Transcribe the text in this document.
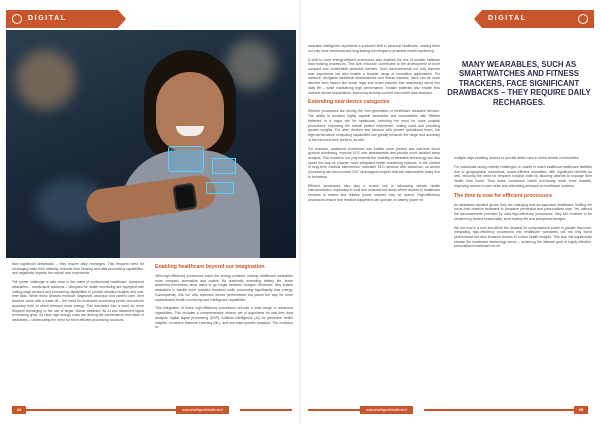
DIGITAL	DIGITAL DIAGNOSTICS

face significant drawbacks – they require daily recharges. This frequent need for recharging limits their usability, reduces their sensing and data processing capabilities, and negatively impacts the overall user experience.

The power challenge is also clear in the realm of professional healthcare. Advanced wearables – unobtrusive solutions – designed for health monitoring are equipped with cutting-edge sensors and processing capabilities to provide detailed insights and real-time data. While these devices enhance diagnostic accuracy and patient care, their features come with a trade-off – the need for increased processing power and sensor accuracy both of which demand more energy. This translates into a need for more frequent recharging or the use of larger, bulkier batteries. As AI and advanced signal processing grow, it's clear high-energy costs are limiting the performance and value of wearables – undercutting the need for more efficient processing solutions.

Enabling healthcare beyond our imagination

Ultra-high-efficiency processors solve the energy problem, making healthcare wearables more compact, accessible and usable. By drastically extending battery life, these advanced processors allow users to go longer between charges. Moreover, they enable wearables to handle more complex functions while consuming significantly less energy. Consequently, this not only improves device performance but paves the way for more sophisticated health monitoring and intelligence capabilities.

This integration of these high-efficiency processors unlocks a wide range of advanced capabilities. This includes a comprehensive diverse set of algorithms for real-time data analysis, digital signal processing (DSP), Artificial Intelligence (AI) for predictive health insights, on-device Machine Learning (ML), and use-case-specific analytics. The evolution of

wearable intelligence represents a profound shift in personal healthcare, making them not only more functional and long-lasting but integral to proactive health monitoring.

A shift to more energy-efficient processors also enables the use of smaller batteries than existing processors. This size reduction contributes to the development of more compact and comfortable wearable devices. Such advancements not only improve user experience but also enable a broader range of innovative applications. For instance, alongside traditional smartwatches and fitness trackers, there can be more discreet form factors like smart rings and smart patches that seamlessly blend into daily life – while maintaining high performance. Smaller batteries also enable less invasive device implantation, improving sensing comfort and health data analytics.

Extending new device categories

Efficient processors are driving the next generation of healthcare wearable devices. The ability to envision highly capable wearables and implantables with 'lifetime batteries' is a major win for healthcare, reducing the need for more surgical procedures, improving the overall patient experience, cutting costs and providing greater insights. For other devices and sensors with shorter operational times, the high-performance computing capabilities can greatly enhance the range and accuracy of the functions they perform, as well.

For example, advanced processors can enable more precise and real-time blood glucose monitoring, improve VO2 max assessments and provide more detailed sleep analysis. This evolution not only extends the usability of wearable technology but also paves the way for smarter, more integrated health monitoring systems. In the context of long-term medical intervention, wearable EEG sensors with advanced, on-device processing can also provide 24/7 neurological insights that are inaccessible today due to limitations.

Efficient processors also play a crucial role in advancing remote health instrumentation, especially in rural and underserved areas where access to healthcare services is limited and reliable power sources may be scarce. High-efficiency processors ensure that medical equipment can operate on battery power for

multiple days enabling doctors to provide better care in these remote communities.

For individuals facing mobility challenges or unable to reach traditional healthcare facilities due to geographical constraints, power-efficient wearables offer significant benefits as well, reducing the need for frequent hospital visits by allowing patients to manage their health from home. They make continuous health monitoring much more feasible, improving access to care while also alleviating pressure on healthcare systems.

The time is now for efficient processors

As wearables demand grows, they are changing how we approach healthcare, shifting the focus from reactive treatment to proactive prevention and personalised care. Yet, without the advancements provided by ultra-high-efficiency processors, they will continue to be hindered by limited functionality, short battery life and suboptimal designs.

We are now in a new era where the demand for computational power is greater than ever. Integrating high-efficiency processors into healthcare wearables will not only boost performance but also enhance access to crucial health insights. This leap will significantly elevate the healthcare technology sector – achieving the ultimate goal of highly effective, personalised healthcare for all.

MANY WEARABLES, SUCH AS SMARTWATCHES AND FITNESS TRACKERS, FACE SIGNIFICANT DRAWBACKS – THEY REQUIRE DAILY RECHARGES.
24	www.intelligenthealth.tech	www.intelligenthealth.tech	25
